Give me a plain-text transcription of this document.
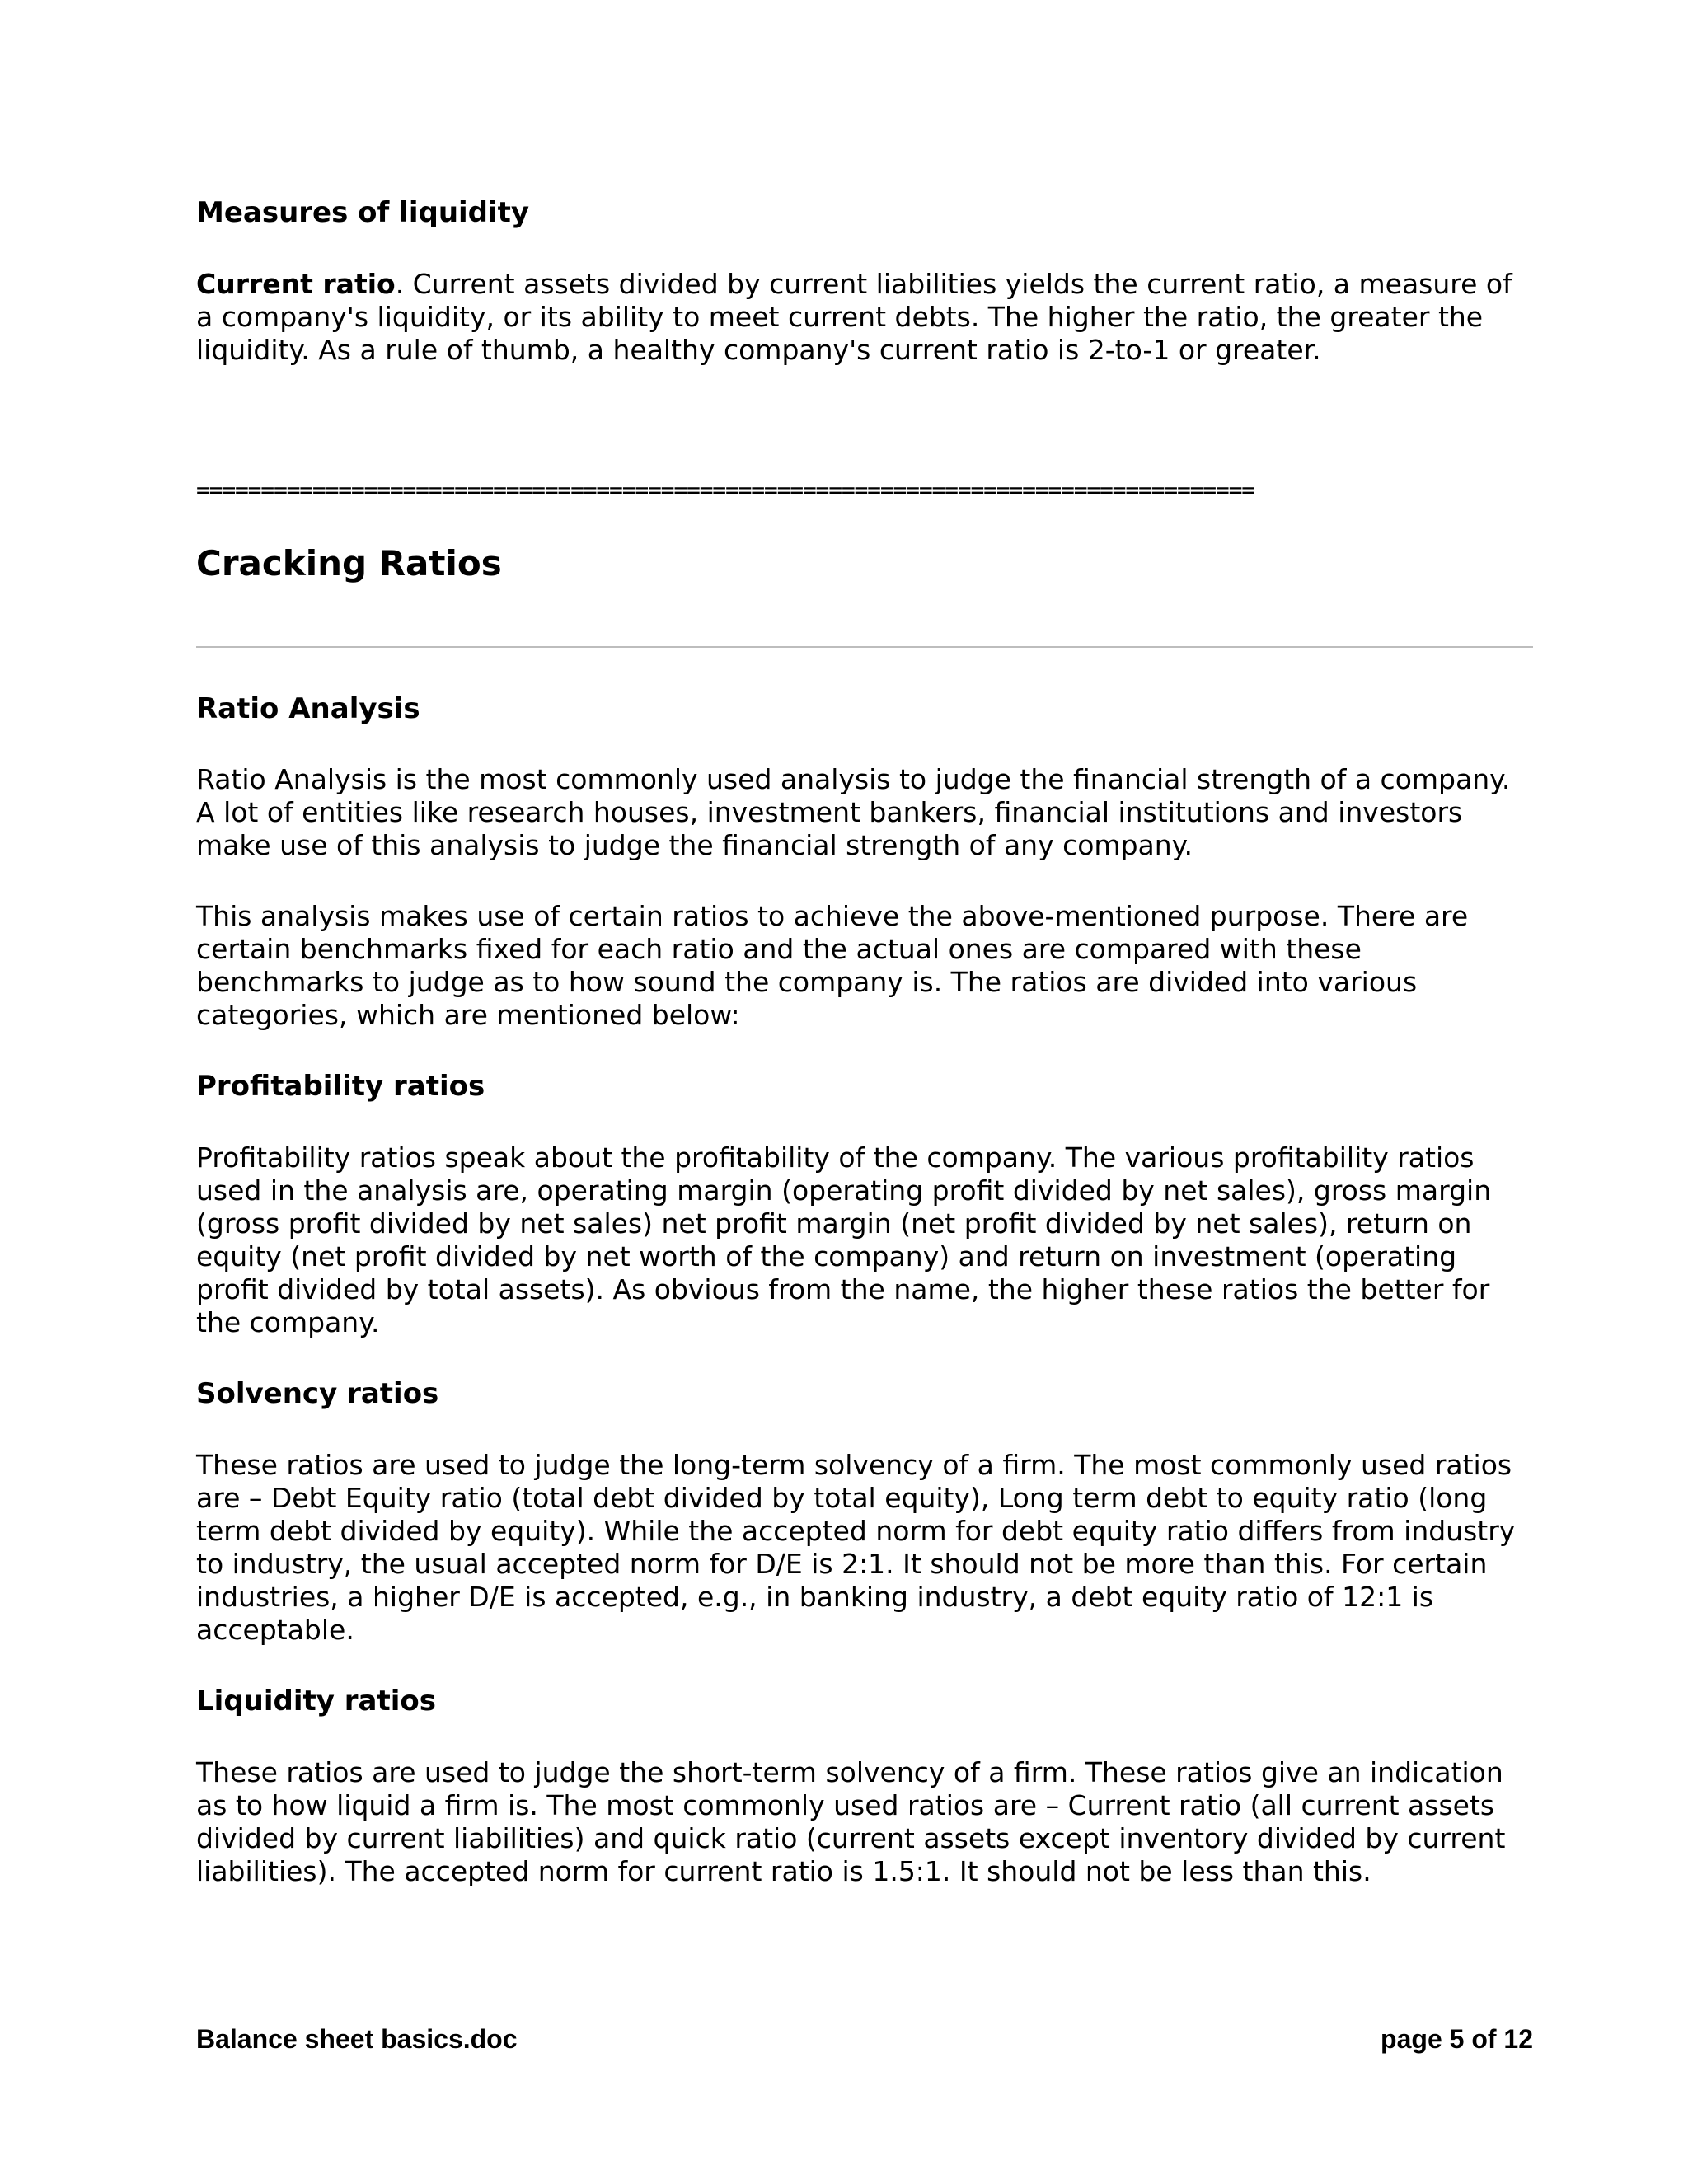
Measures of liquidity

Current ratio. Current assets divided by current liabilities yields the current ratio, a measure of a company's liquidity, or its ability to meet current debts. The higher the ratio, the greater the liquidity. As a rule of thumb, a healthy company's current ratio is 2-to-1 or greater.

==================================================================================
Cracking Ratios
Ratio Analysis

Ratio Analysis is the most commonly used analysis to judge the financial strength of a company. A lot of entities like research houses, investment bankers, financial institutions and investors make use of this analysis to judge the financial strength of any company.

This analysis makes use of certain ratios to achieve the above-mentioned purpose. There are certain benchmarks fixed for each ratio and the actual ones are compared with these benchmarks to judge as to how sound the company is. The ratios are divided into various categories, which are mentioned below:

Profitability ratios

Profitability ratios speak about the profitability of the company. The various profitability ratios used in the analysis are, operating margin (operating profit divided by net sales), gross margin (gross profit divided by net sales) net profit margin (net profit divided by net sales), return on equity (net profit divided by net worth of the company) and return on investment (operating profit divided by total assets). As obvious from the name, the higher these ratios the better for the company.

Solvency ratios

These ratios are used to judge the long-term solvency of a firm. The most commonly used ratios are – Debt Equity ratio (total debt divided by total equity), Long term debt to equity ratio (long term debt divided by equity). While the accepted norm for debt equity ratio differs from industry to industry, the usual accepted norm for D/E is 2:1. It should not be more than this. For certain industries, a higher D/E is accepted, e.g., in banking industry, a debt equity ratio of 12:1 is acceptable.

Liquidity ratios

These ratios are used to judge the short-term solvency of a firm. These ratios give an indication as to how liquid a firm is. The most commonly used ratios are – Current ratio (all current assets divided by current liabilities) and quick ratio (current assets except inventory divided by current liabilities). The accepted norm for current ratio is 1.5:1. It should not be less than this.

Balance sheet basics.doc	page 5 of 12
